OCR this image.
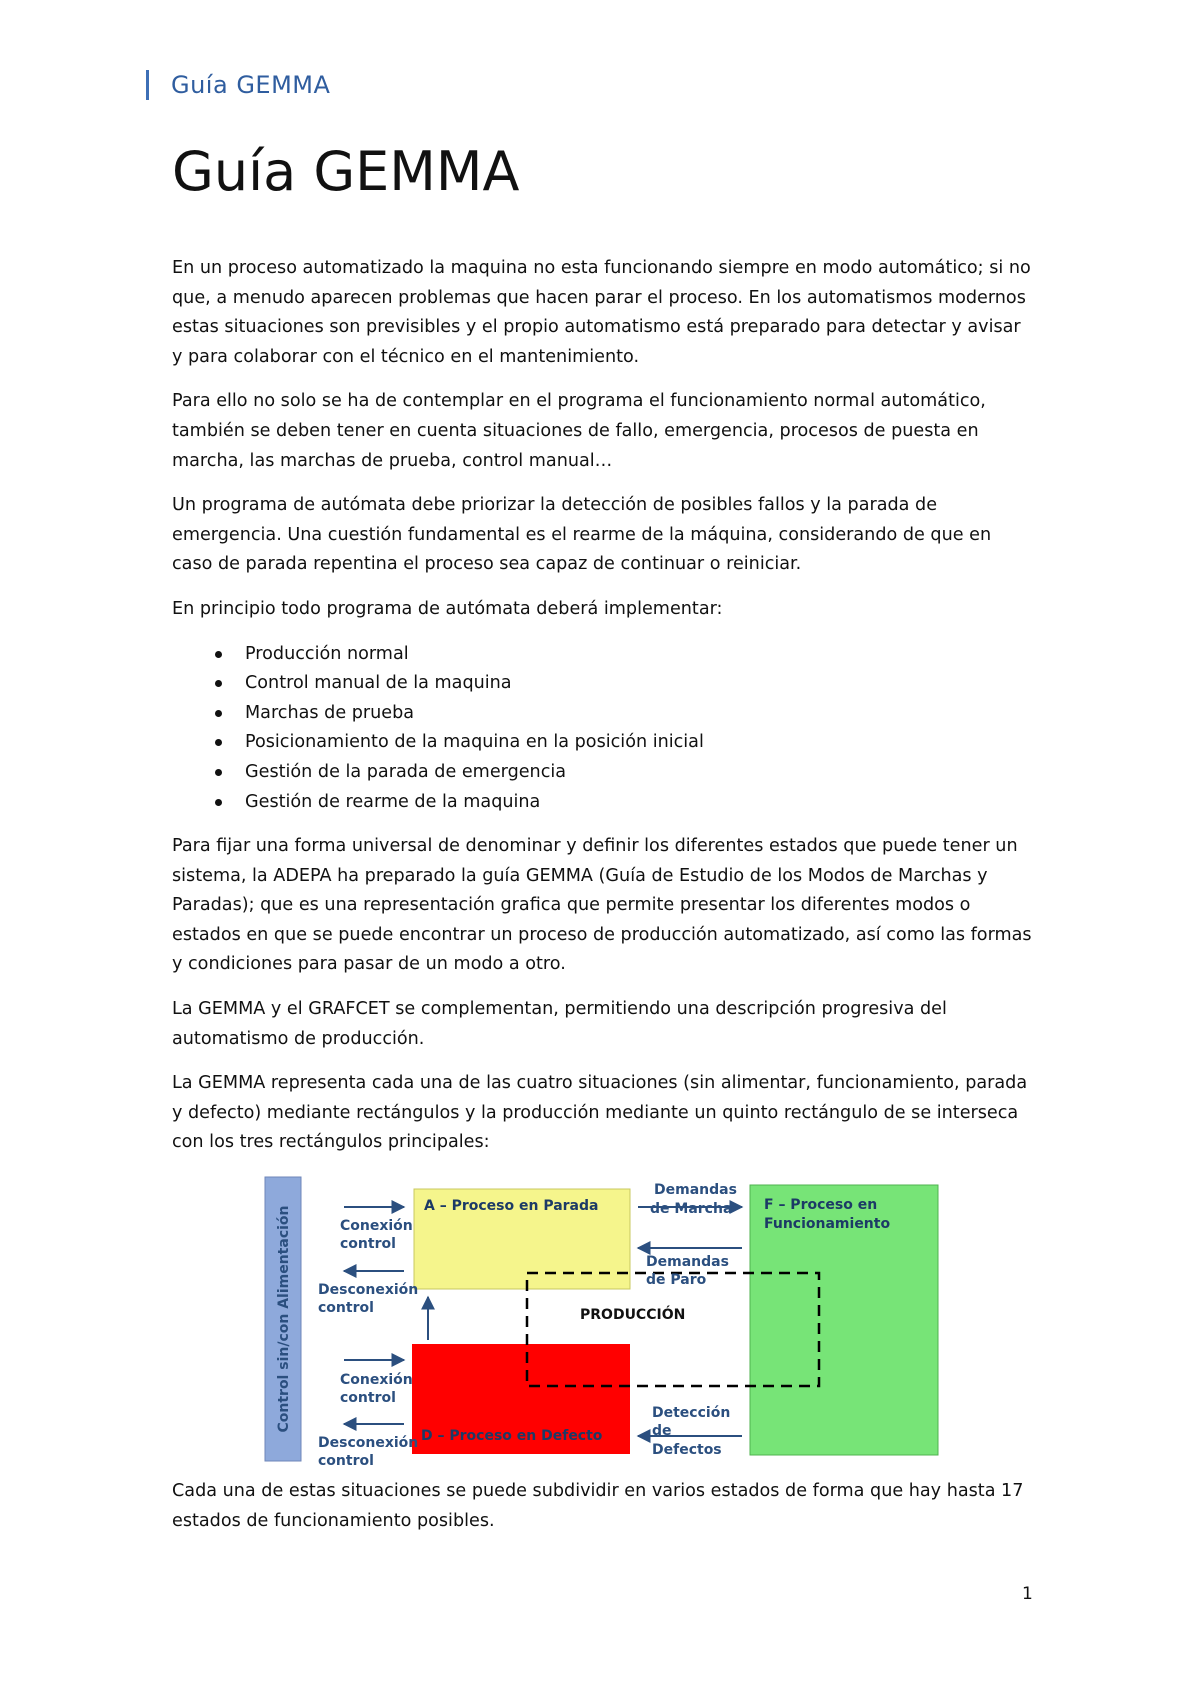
Guía GEMMA
Guía GEMMA

En un proceso automatizado la maquina no esta funcionando siempre en modo automático; si no que, a menudo aparecen problemas que hacen parar el proceso. En los automatismos modernos estas situaciones son previsibles y el propio automatismo está preparado para detectar y avisar y para colaborar con el técnico en el mantenimiento.

Para ello no solo se ha de contemplar en el programa el funcionamiento normal automático, también se deben tener en cuenta situaciones de fallo, emergencia, procesos de puesta en marcha, las marchas de prueba, control manual…

Un programa de autómata debe priorizar la detección de posibles fallos y la parada de emergencia. Una cuestión fundamental es el rearme de la máquina, considerando de que en caso de parada repentina el proceso sea capaz de continuar o reiniciar.

En principio todo programa de autómata deberá implementar:

Producción normal
Control manual de la maquina
Marchas de prueba
Posicionamiento de la maquina en la posición inicial
Gestión de la parada de emergencia
Gestión de rearme de la maquina

Para fijar una forma universal de denominar y definir los diferentes estados que puede tener un sistema, la ADEPA ha preparado la guía GEMMA (Guía de Estudio de los Modos de Marchas y Paradas); que es una representación grafica que permite presentar los diferentes modos o estados en que se puede encontrar un proceso de producción automatizado, así como las formas y condiciones para pasar de un modo a otro.

La GEMMA y el GRAFCET se complementan, permitiendo una descripción progresiva del automatismo de producción.

La GEMMA representa cada una de las cuatro situaciones (sin alimentar, funcionamiento, parada y defecto) mediante rectángulos y la producción mediante un quinto rectángulo de se interseca con los tres rectángulos principales:

Control sin/con Alimentación	A – Proceso en Parada
D – Proceso en Defecto
F – Proceso en
Funcionamiento
PRODUCCIÓN
Conexión
control
Desconexión
control
Conexión
control
Desconexión
control
Demandas
de Marcha
Demandas
de Paro
Detección
de
Defectos

Cada una de estas situaciones se puede subdividir en varios estados de forma que hay hasta 17 estados de funcionamiento posibles.

1
